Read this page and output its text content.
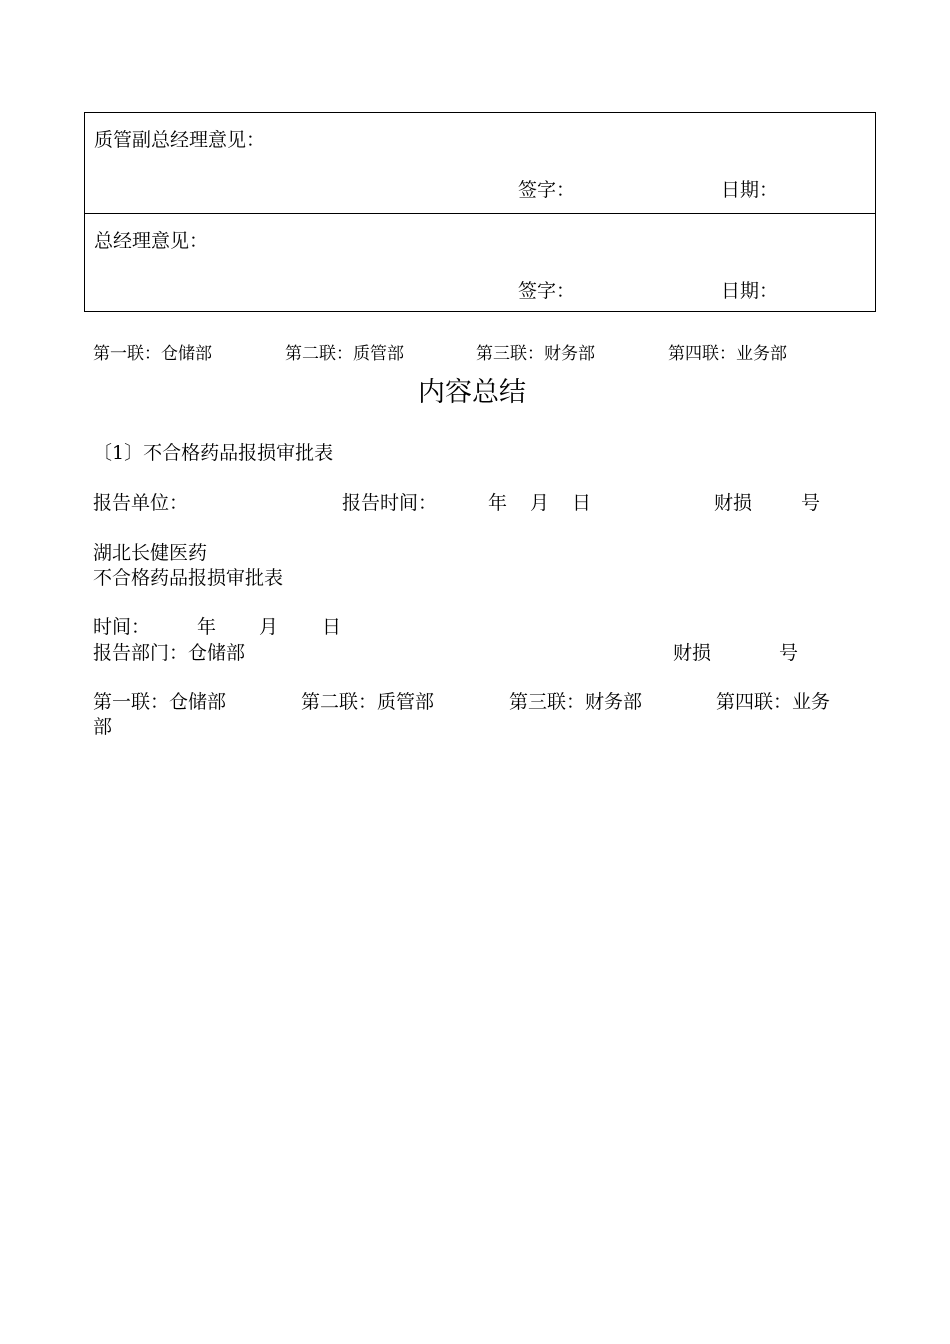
质管副总经理意见：
签字：	日期：
总经理意见：
签字：	日期：
第一联：仓储部	第二联：质管部	第三联：财务部	第四联：业务部
内容总结
〔1〕不合格药品报损审批表
报告单位：	报告时间：	年 月 日	财损	号
湖北长健医药
不合格药品报损审批表
时间： 年 月 日
报告部门：仓储部	财损	号
第一联：仓储部	第二联：质管部	第三联：财务部	第四联：业务
部
